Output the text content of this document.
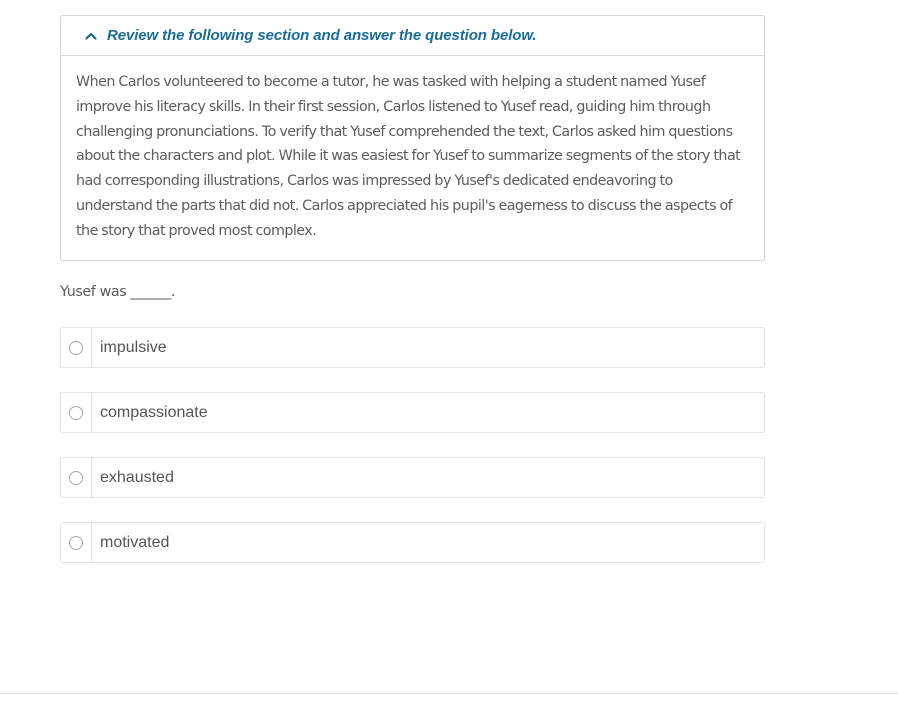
Review the following section and answer the question below.
When Carlos volunteered to become a tutor, he was tasked with helping a student named Yusef improve his literacy skills. In their first session, Carlos listened to Yusef read, guiding him through challenging pronunciations. To verify that Yusef comprehended the text, Carlos asked him questions about the characters and plot. While it was easiest for Yusef to summarize segments of the story that had corresponding illustrations, Carlos was impressed by Yusef's dedicated endeavoring to understand the parts that did not. Carlos appreciated his pupil's eagerness to discuss the aspects of the story that proved most complex.
Yusef was ______.
impulsive
compassionate
exhausted
motivated
